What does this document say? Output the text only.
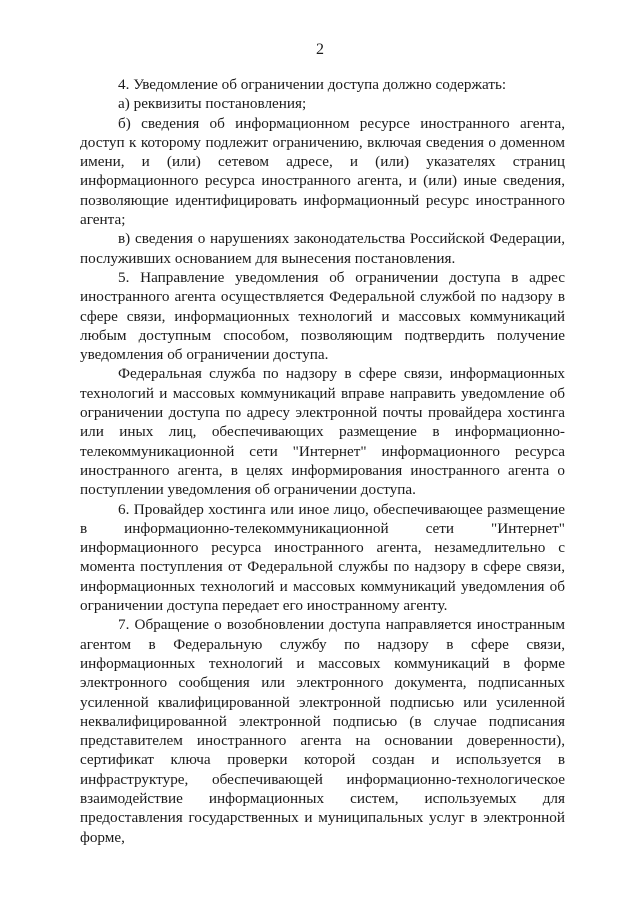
2

4. Уведомление об ограничении доступа должно содержать:

а) реквизиты постановления;

б) сведения об информационном ресурсе иностранного агента, доступ к которому подлежит ограничению, включая сведения о доменном имени, и (или) сетевом адресе, и (или) указателях страниц информационного ресурса иностранного агента, и (или) иные сведения, позволяющие идентифицировать информационный ресурс иностранного агента;

в) сведения о нарушениях законодательства Российской Федерации, послуживших основанием для вынесения постановления.

5. Направление уведомления об ограничении доступа в адрес иностранного агента осуществляется Федеральной службой по надзору в сфере связи, информационных технологий и массовых коммуникаций любым доступным способом, позволяющим подтвердить получение уведомления об ограничении доступа.

Федеральная служба по надзору в сфере связи, информационных технологий и массовых коммуникаций вправе направить уведомление об ограничении доступа по адресу электронной почты провайдера хостинга или иных лиц, обеспечивающих размещение в информационно-телекоммуникационной сети "Интернет" информационного ресурса иностранного агента, в целях информирования иностранного агента о поступлении уведомления об ограничении доступа.

6. Провайдер хостинга или иное лицо, обеспечивающее размещение в информационно-телекоммуникационной сети "Интернет" информационного ресурса иностранного агента, незамедлительно с момента поступления от Федеральной службы по надзору в сфере связи, информационных технологий и массовых коммуникаций уведомления об ограничении доступа передает его иностранному агенту.

7. Обращение о возобновлении доступа направляется иностранным агентом в Федеральную службу по надзору в сфере связи, информационных технологий и массовых коммуникаций в форме электронного сообщения или электронного документа, подписанных усиленной квалифицированной электронной подписью или усиленной неквалифицированной электронной подписью (в случае подписания представителем иностранного агента на основании доверенности), сертификат ключа проверки которой создан и используется в инфраструктуре, обеспечивающей информационно-технологическое взаимодействие информационных систем, используемых для предоставления государственных и муниципальных услуг в электронной форме,
